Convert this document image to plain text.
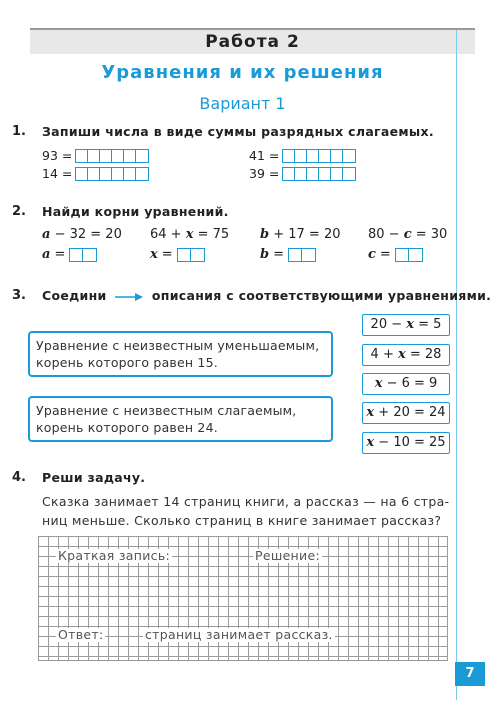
Работа 2
Уравнения и их решения
Вариант 1
7
1. Запиши числа в виде суммы разрядных слагаемых.
93 =
14 =
41 =
39 =
2. Найди корни уравнений.
a − 32 = 20 64 + x = 75 b + 17 = 20 80 − c = 30
a =	x =	b =	c =
3. Соедини	описания с соответствующими уравнениями.
Уравнение с неизвестным уменьшаемым, корень которого равен 15.
Уравнение с неизвестным слагаемым, корень которого равен 24.
20 − x = 5
4 + x = 28
x − 6 = 9
x + 20 = 24
x − 10 = 25
4. Реши задачу.
Сказка занимает 14 страниц книги, а рассказ — на 6 стра-
ниц меньше. Сколько страниц в книге занимает рассказ?
Краткая запись:	Решение:
Ответ:	страниц занимает рассказ.
